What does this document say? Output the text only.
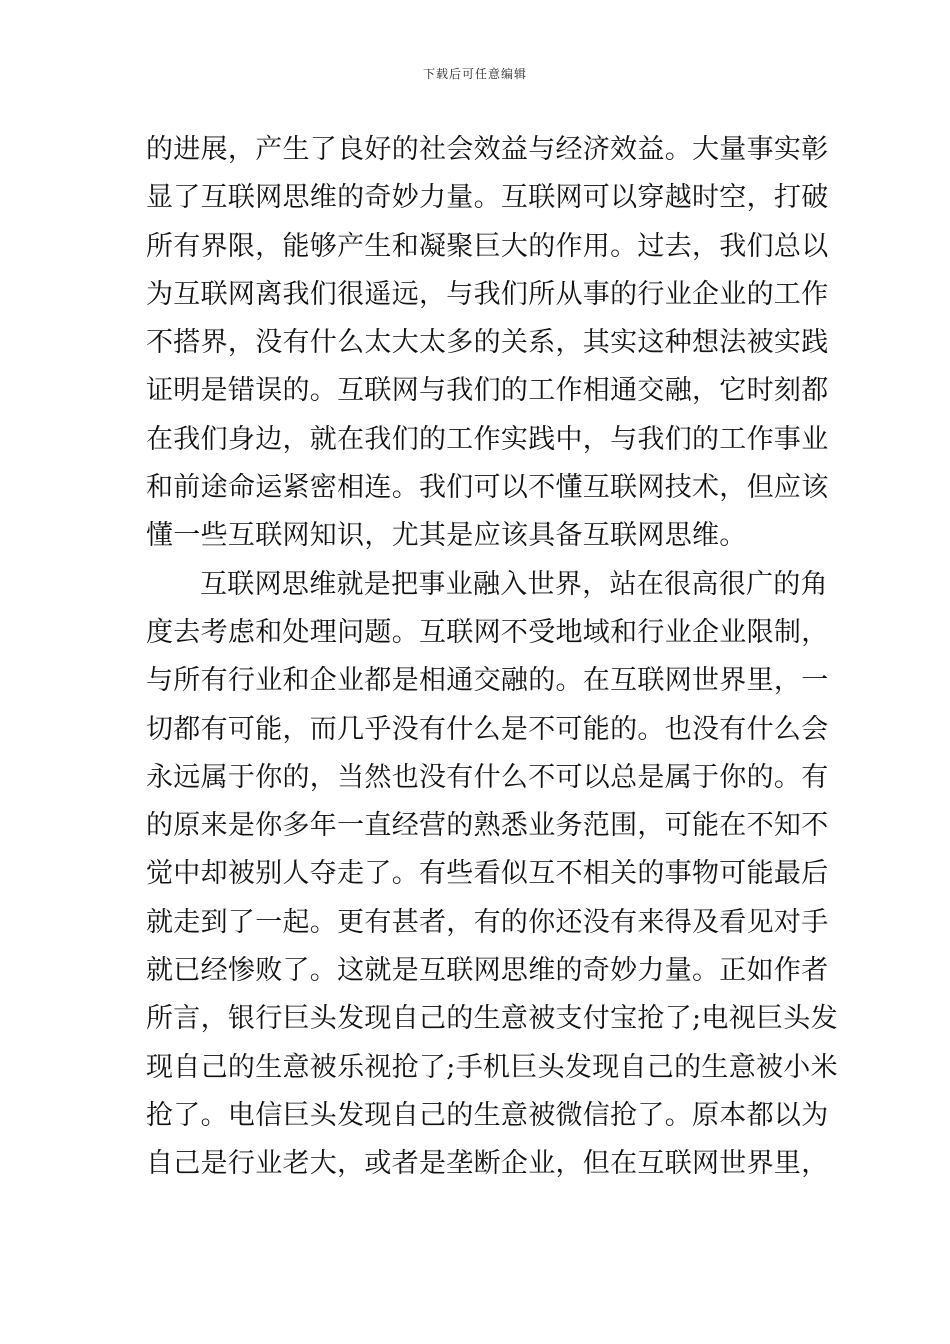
下载后可任意编辑
的进展，产生了良好的社会效益与经济效益。大量事实彰
显了互联网思维的奇妙力量。互联网可以穿越时空，打破
所有界限，能够产生和凝聚巨大的作用。过去，我们总以
为互联网离我们很遥远，与我们所从事的行业企业的工作
不搭界，没有什么太大太多的关系，其实这种想法被实践
证明是错误的。互联网与我们的工作相通交融，它时刻都
在我们身边，就在我们的工作实践中，与我们的工作事业
和前途命运紧密相连。我们可以不懂互联网技术，但应该
懂一些互联网知识，尤其是应该具备互联网思维。
互联网思维就是把事业融入世界，站在很高很广的角
度去考虑和处理问题。互联网不受地域和行业企业限制，
与所有行业和企业都是相通交融的。在互联网世界里，一
切都有可能，而几乎没有什么是不可能的。也没有什么会
永远属于你的，当然也没有什么不可以总是属于你的。有
的原来是你多年一直经营的熟悉业务范围，可能在不知不
觉中却被别人夺走了。有些看似互不相关的事物可能最后
就走到了一起。更有甚者，有的你还没有来得及看见对手
就已经惨败了。这就是互联网思维的奇妙力量。正如作者
所言，银行巨头发现自己的生意被支付宝抢了;电视巨头发
现自己的生意被乐视抢了;手机巨头发现自己的生意被小米
抢了。电信巨头发现自己的生意被微信抢了。原本都以为
自己是行业老大，或者是垄断企业，但在互联网世界里，
